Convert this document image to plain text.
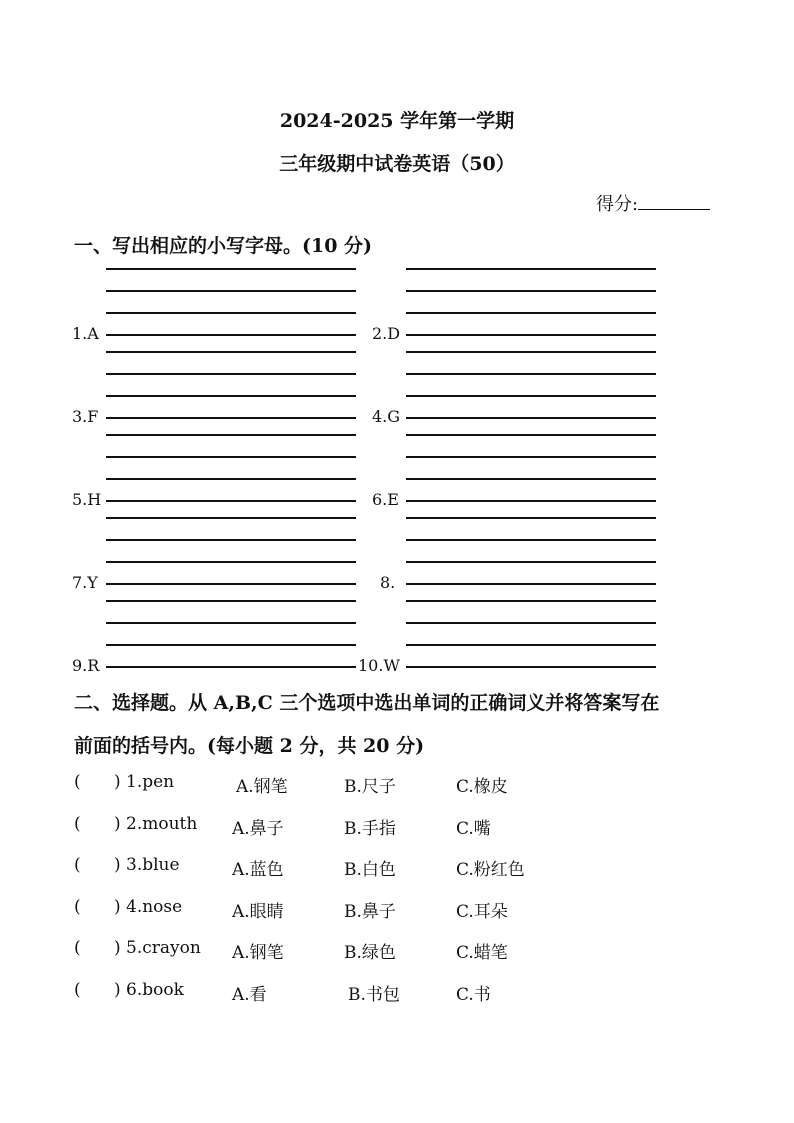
2024-2025 学年第一学期
三年级期中试卷英语（50）
得分:
一、写出相应的小写字母。(10 分)
1.A	2.D
3.F	4.G
5.H	6.E
7.Y	8.
9.R	10.W
二、选择题。从 A,B,C 三个选项中选出单词的正确词义并将答案写在
前面的括号内。(每小题 2 分，共 20 分)
( ) 1.pen	A.钢笔	B.尺子	C.橡皮
( ) 2.mouth A.鼻子	B.手指	C.嘴
( ) 3.blue	A.蓝色	B.白色	C.粉红色
( ) 4.nose	A.眼睛	B.鼻子	C.耳朵
( ) 5.crayon A.钢笔	B.绿色	C.蜡笔
( ) 6.book	A.看	B.书包	C.书
